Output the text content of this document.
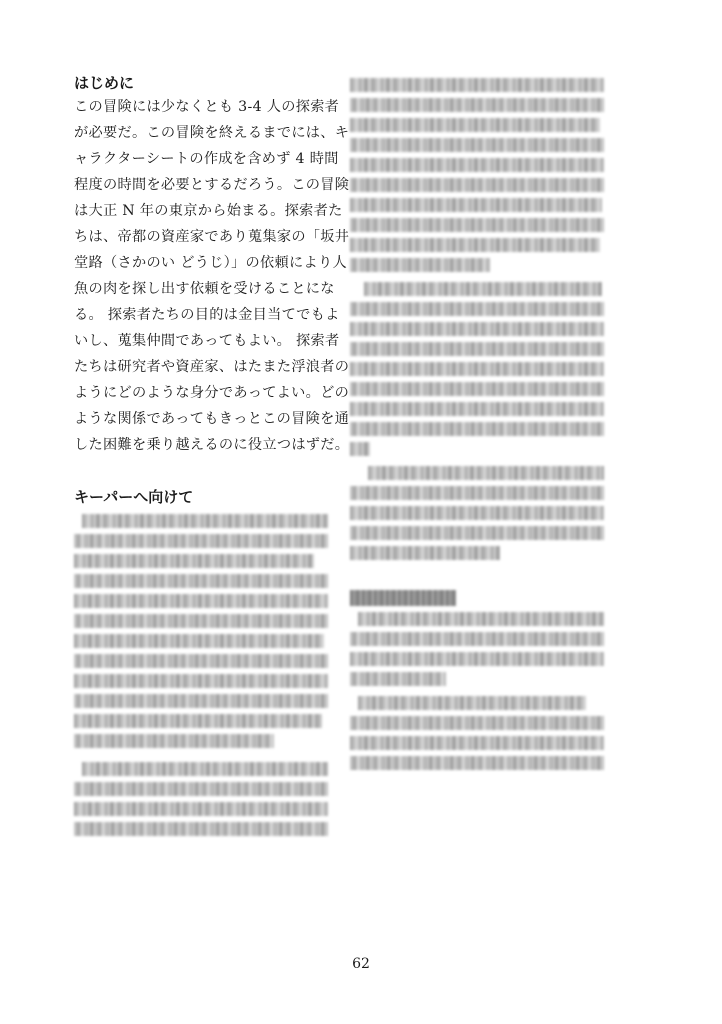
はじめに

この冒険には少なくとも 3-4 人の探索者

が必要だ。この冒険を終えるまでには、キ

ャラクターシートの作成を含めず 4 時間

程度の時間を必要とするだろう。この冒険

は大正 N 年の東京から始まる。探索者た

ちは、帝都の資産家であり蒐集家の「坂井

堂路（さかのい どうじ）」の依頼により人

魚の肉を探し出す依頼を受けることにな

る。 探索者たちの目的は金目当てでもよ

いし、蒐集仲間であってもよい。 探索者

たちは研究者や資産家、はたまた浮浪者の

ようにどのような身分であってよい。どの

ような関係であってもきっとこの冒険を通

した困難を乗り越えるのに役立つはずだ。

キーパーへ向けて

62
